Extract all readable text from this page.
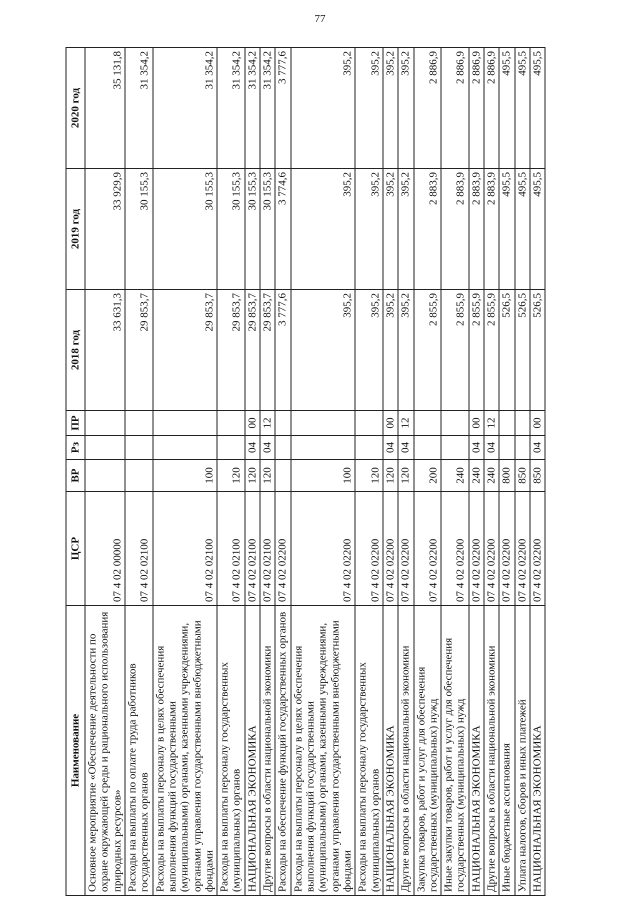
77
Наименование	ЦСР	ВР	Рз	ПР	2018 год	2019 год	2020 год
Основное мероприятие «Обеспечение деятельности по охране окружающей среды и рационального использования природных ресурсов»	07 4 02 00000				33 631,3	33 929,9	35 131,8
Расходы на выплаты по оплате труда работников государственных органов	07 4 02 02100				29 853,7	30 155,3	31 354,2
Расходы на выплаты персоналу в целях обеспечения выполнения функций государственными (муниципальными) органами, казенными учреждениями, органами управления государственными внебюджетными фондами	07 4 02 02100	100			29 853,7	30 155,3	31 354,2
Расходы на выплаты персоналу государственных (муниципальных) органов	07 4 02 02100	120			29 853,7	30 155,3	31 354,2
НАЦИОНАЛЬНАЯ ЭКОНОМИКА	07 4 02 02100	120	04	00	29 853,7	30 155,3	31 354,2
Другие вопросы в области национальной экономики	07 4 02 02100	120	04	12	29 853,7	30 155,3	31 354,2
Расходы на обеспечение функций государственных органов	07 4 02 02200				3 777,6	3 774,6	3 777,6
Расходы на выплаты персоналу в целях обеспечения выполнения функций государственными (муниципальными) органами, казенными учреждениями, органами управления государственными внебюджетными фондами	07 4 02 02200	100			395,2	395,2	395,2
Расходы на выплаты персоналу государственных (муниципальных) органов	07 4 02 02200	120			395,2	395,2	395,2
НАЦИОНАЛЬНАЯ ЭКОНОМИКА	07 4 02 02200	120	04	00	395,2	395,2	395,2
Другие вопросы в области национальной экономики	07 4 02 02200	120	04	12	395,2	395,2	395,2
Закупка товаров, работ и услуг для обеспечения государственных (муниципальных) нужд	07 4 02 02200	200			2 855,9	2 883,9	2 886,9
Иные закупки товаров, работ и услуг для обеспечения государственных (муниципальных) нужд	07 4 02 02200	240			2 855,9	2 883,9	2 886,9
НАЦИОНАЛЬНАЯ ЭКОНОМИКА	07 4 02 02200	240	04	00	2 855,9	2 883,9	2 886,9
Другие вопросы в области национальной экономики	07 4 02 02200	240	04	12	2 855,9	2 883,9	2 886,9
Иные бюджетные ассигнования	07 4 02 02200	800			526,5	495,5	495,5
Уплата налогов, сборов и иных платежей	07 4 02 02200	850			526,5	495,5	495,5
НАЦИОНАЛЬНАЯ ЭКОНОМИКА	07 4 02 02200	850	04	00	526,5	495,5	495,5
